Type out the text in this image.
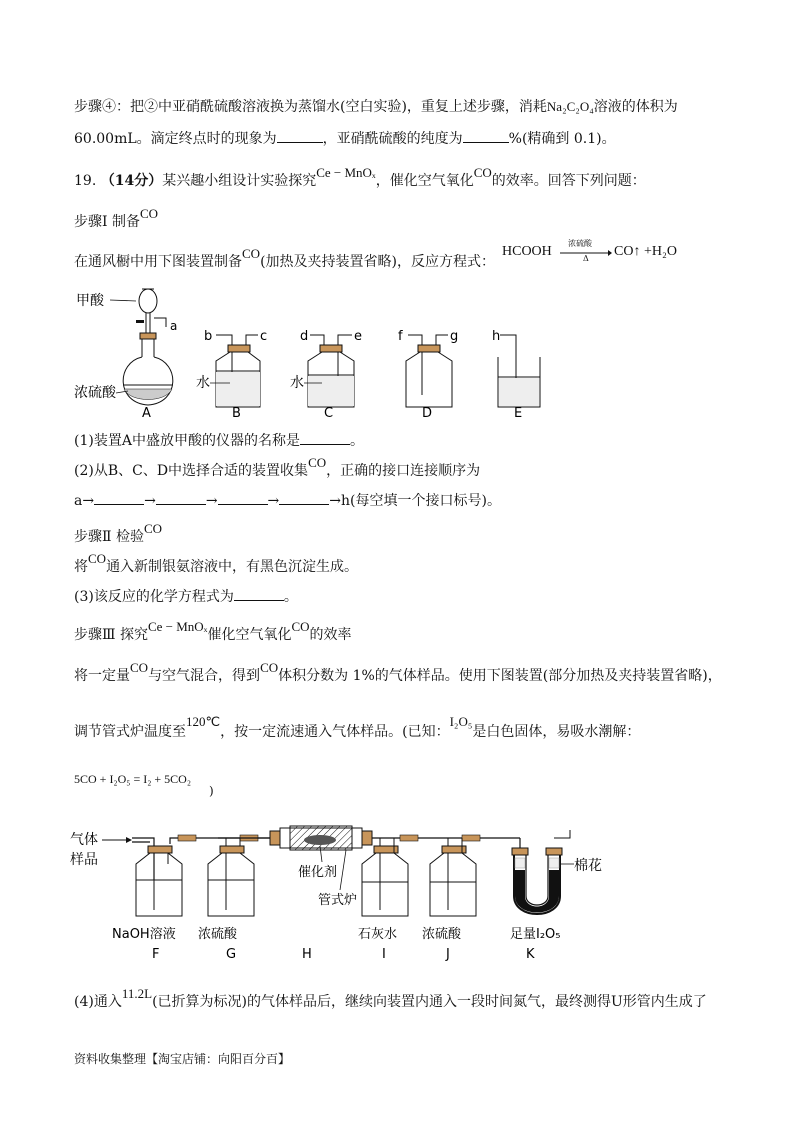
步骤④：把②中亚硝酰硫酸溶液换为蒸馏水(空白实验)，重复上述步骤，消耗Na₂C₂O₄溶液的体积为
60.00mL。滴定终点时的现象为	，亚硝酰硫酸的纯度为	%(精确到 0.1)。
19. （14分）某兴趣小组设计实验探究Ce − MnOₓ，催化空气氧化CO的效率。回答下列问题：
步骤Ⅰ 制备CO
在通风橱中用下图装置制备CO(加热及夹持装置省略)，反应方程式：
HCOOH
浓硫酸
Δ CO↑ +H₂O
甲酸
a
浓硫酸
A
b	c
水
B
d	e
水
C
f	g
D
h
E
(1)装置A中盛放甲酸的仪器的名称是	。
(2)从B、C、D中选择合适的装置收集CO，正确的接口连接顺序为
a→	→	→	→	→h(每空填一个接口标号)。
步骤Ⅱ 检验CO
将CO通入新制银氨溶液中，有黑色沉淀生成。
(3)该反应的化学方程式为	。
步骤Ⅲ 探究Ce − MnOₓ催化空气氧化CO的效率
将一定量CO与空气混合，得到CO体积分数为 1%的气体样品。使用下图装置(部分加热及夹持装置省略)，
调节管式炉温度至120℃，按一定流速通入气体样品。(已知：I₂O₅是白色固体，易吸水潮解：
5CO + I₂O₅ = I₂ + 5CO₂
)
气体
样品
NaOH溶液
F
浓硫酸
G
催化剂
管式炉
H
石灰水
I
浓硫酸
J
棉花
足量I₂O₅
K
(4)通入11.2L(已折算为标况)的气体样品后，继续向装置内通入一段时间氮气，最终测得U形管内生成了
资料收集整理【淘宝店铺：向阳百分百】
